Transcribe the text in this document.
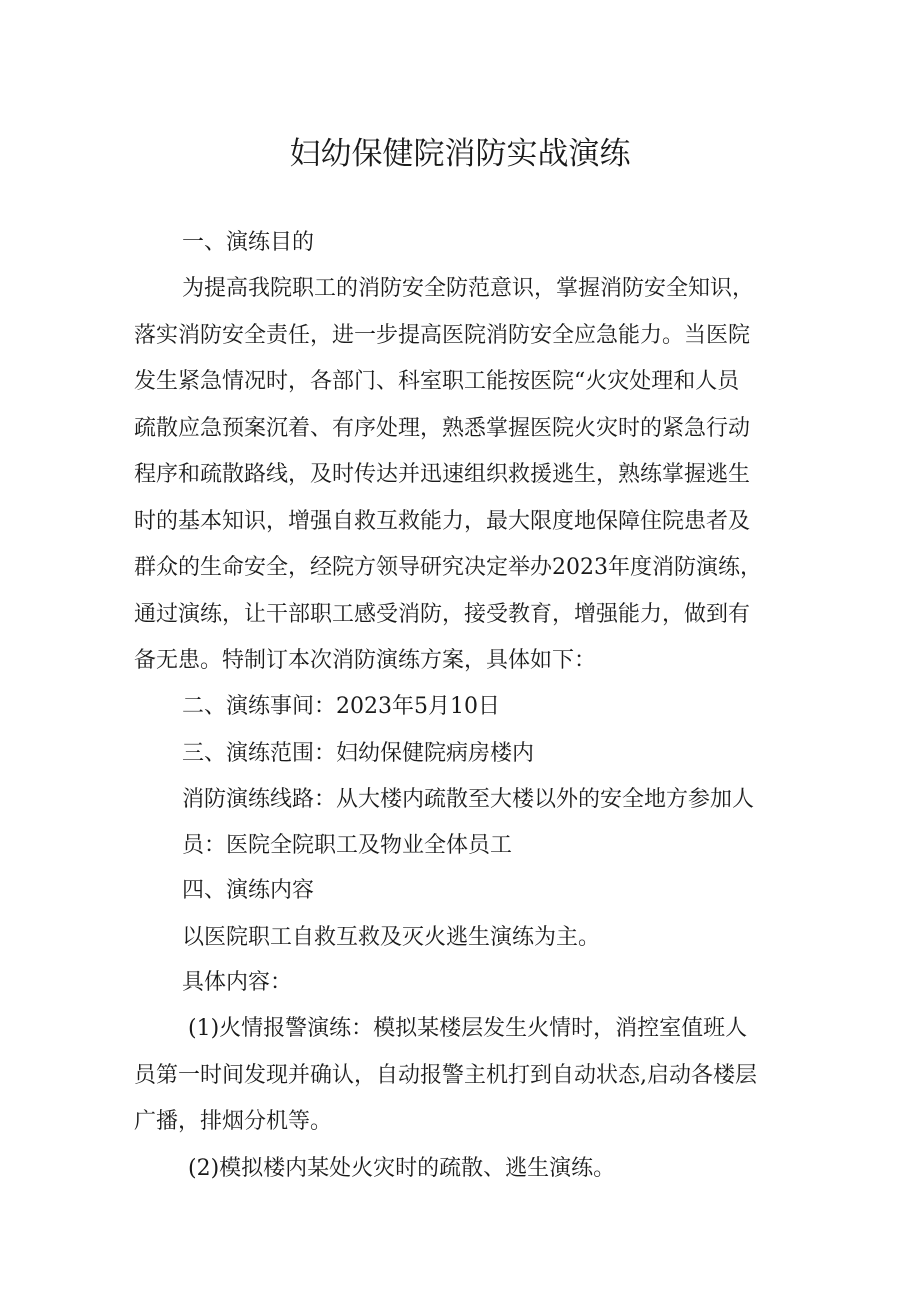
妇幼保健院消防实战演练

一、演练目的

为提高我院职工的消防安全防范意识，掌握消防安全知识，

落实消防安全责任，进一步提高医院消防安全应急能力。当医院

发生紧急情况时，各部门、科室职工能按医院“火灾处理和人员

疏散应急预案沉着、有序处理，熟悉掌握医院火灾时的紧急行动

程序和疏散路线，及时传达并迅速组织救援逃生，熟练掌握逃生

时的基本知识，增强自救互救能力，最大限度地保障住院患者及

群众的生命安全，经院方领导研究决定举办2023年度消防演练，

通过演练，让干部职工感受消防，接受教育，增强能力，做到有

备无患。特制订本次消防演练方案，具体如下：

二、演练事间：2023年5月10日

三、演练范围：妇幼保健院病房楼内

消防演练线路：从大楼内疏散至大楼以外的安全地方参加人

员：医院全院职工及物业全体员工

四、演练内容

以医院职工自救互救及灭火逃生演练为主。

具体内容：

(1)火情报警演练：模拟某楼层发生火情时，消控室值班人

员第一时间发现并确认，自动报警主机打到自动状态,启动各楼层

广播，排烟分机等。

(2)模拟楼内某处火灾时的疏散、逃生演练。
